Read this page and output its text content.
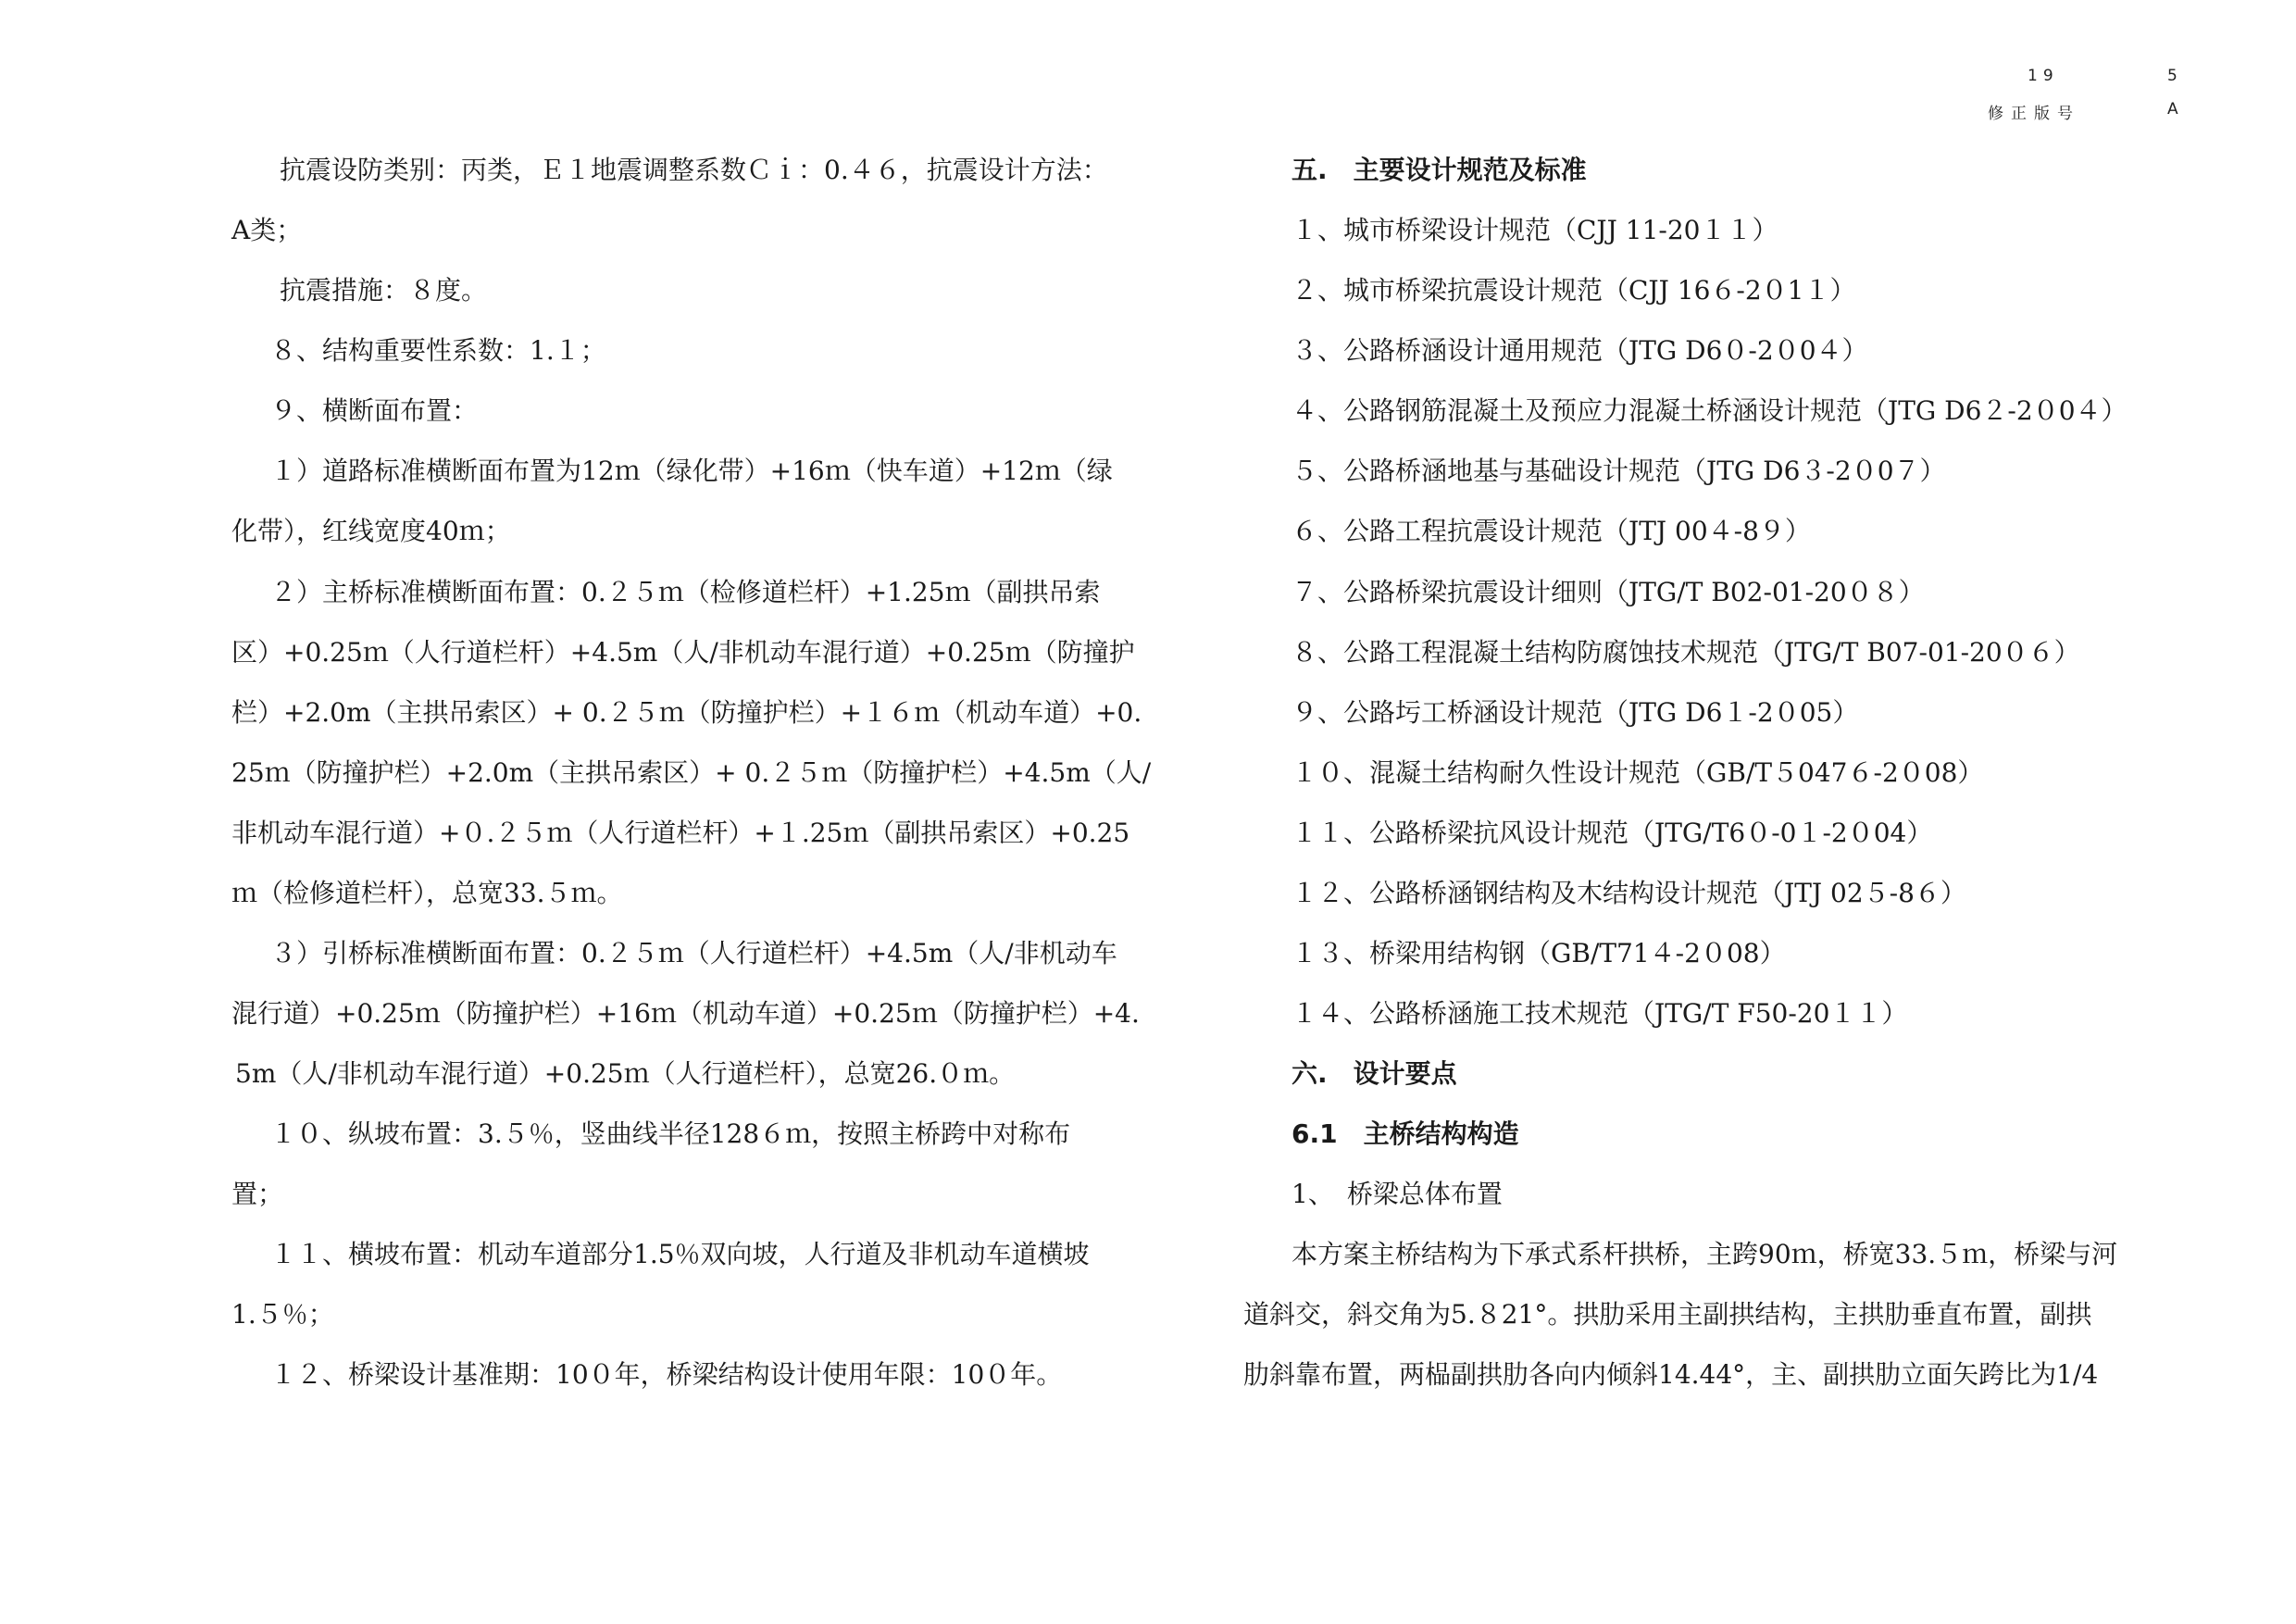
19	5
修正版号	A
抗震设防类别：丙类，Ｅ１地震调整系数Ｃｉ：0.４６，抗震设计方法：
A类；
抗震措施：８度。
８、结构重要性系数：1.１；
９、横断面布置：
１）道路标准横断面布置为12ｍ（绿化带）+16ｍ（快车道）+12ｍ（绿
化带），红线宽度40ｍ；
２）主桥标准横断面布置：0.２５ｍ（检修道栏杆）+1.25ｍ（副拱吊索
区）+0.25ｍ（人行道栏杆）+4.5m（人/非机动车混行道）+0.25ｍ（防撞护
栏）+2.0m（主拱吊索区）+ 0.２５ｍ（防撞护栏）+１６ｍ（机动车道）+0.
25ｍ（防撞护栏）+2.0m（主拱吊索区）+ 0.２５ｍ（防撞护栏）+4.5m（人/
非机动车混行道）+０.２５ｍ（人行道栏杆）+１.25ｍ（副拱吊索区）+0.25
ｍ（检修道栏杆），总宽33.５ｍ。
３）引桥标准横断面布置：0.２５ｍ（人行道栏杆）+4.5m（人/非机动车
混行道）+0.25ｍ（防撞护栏）+16ｍ（机动车道）+0.25ｍ（防撞护栏）+4.
5m（人/非机动车混行道）+0.25ｍ（人行道栏杆），总宽26.０ｍ。
１０、纵坡布置：3.５％，竖曲线半径128６ｍ，按照主桥跨中对称布
置；
１１、横坡布置：机动车道部分1.5％双向坡，人行道及非机动车道横坡
1.５％；
１２、桥梁设计基准期：10０年，桥梁结构设计使用年限：10０年。
五.　主要设计规范及标准
１、城市桥梁设计规范（CJJ 11-20１１）
２、城市桥梁抗震设计规范（CJJ 16６-2０1１）
３、公路桥涵设计通用规范（JTG D6０-2０0４）
４、公路钢筋混凝土及预应力混凝土桥涵设计规范（JTG D6２-2０0４）
５、公路桥涵地基与基础设计规范（JTG D6３-2０0７）
６、公路工程抗震设计规范（JTJ 00４-8９）
７、公路桥梁抗震设计细则（JTG/T B02-01-20０８）
８、公路工程混凝土结构防腐蚀技术规范（JTG/T B07-01-20０６）
９、公路圬工桥涵设计规范（JTG D6１-2０05）
１０、混凝土结构耐久性设计规范（GB/T５047６-2０08）
１１、公路桥梁抗风设计规范（JTG/T6０-0１-2０04）
１２、公路桥涵钢结构及木结构设计规范（JTJ 02５-8６）
１３、桥梁用结构钢（GB/T71４-2０08）
１４、公路桥涵施工技术规范（JTG/T F50-20１１）
六.　设计要点
6.1　主桥结构构造
1、　桥梁总体布置
本方案主桥结构为下承式系杆拱桥，主跨90ｍ，桥宽33.５ｍ，桥梁与河
道斜交，斜交角为5.８21°。拱肋采用主副拱结构，主拱肋垂直布置，副拱
肋斜靠布置，两榀副拱肋各向内倾斜14.44°，主、副拱肋立面矢跨比为1/4
